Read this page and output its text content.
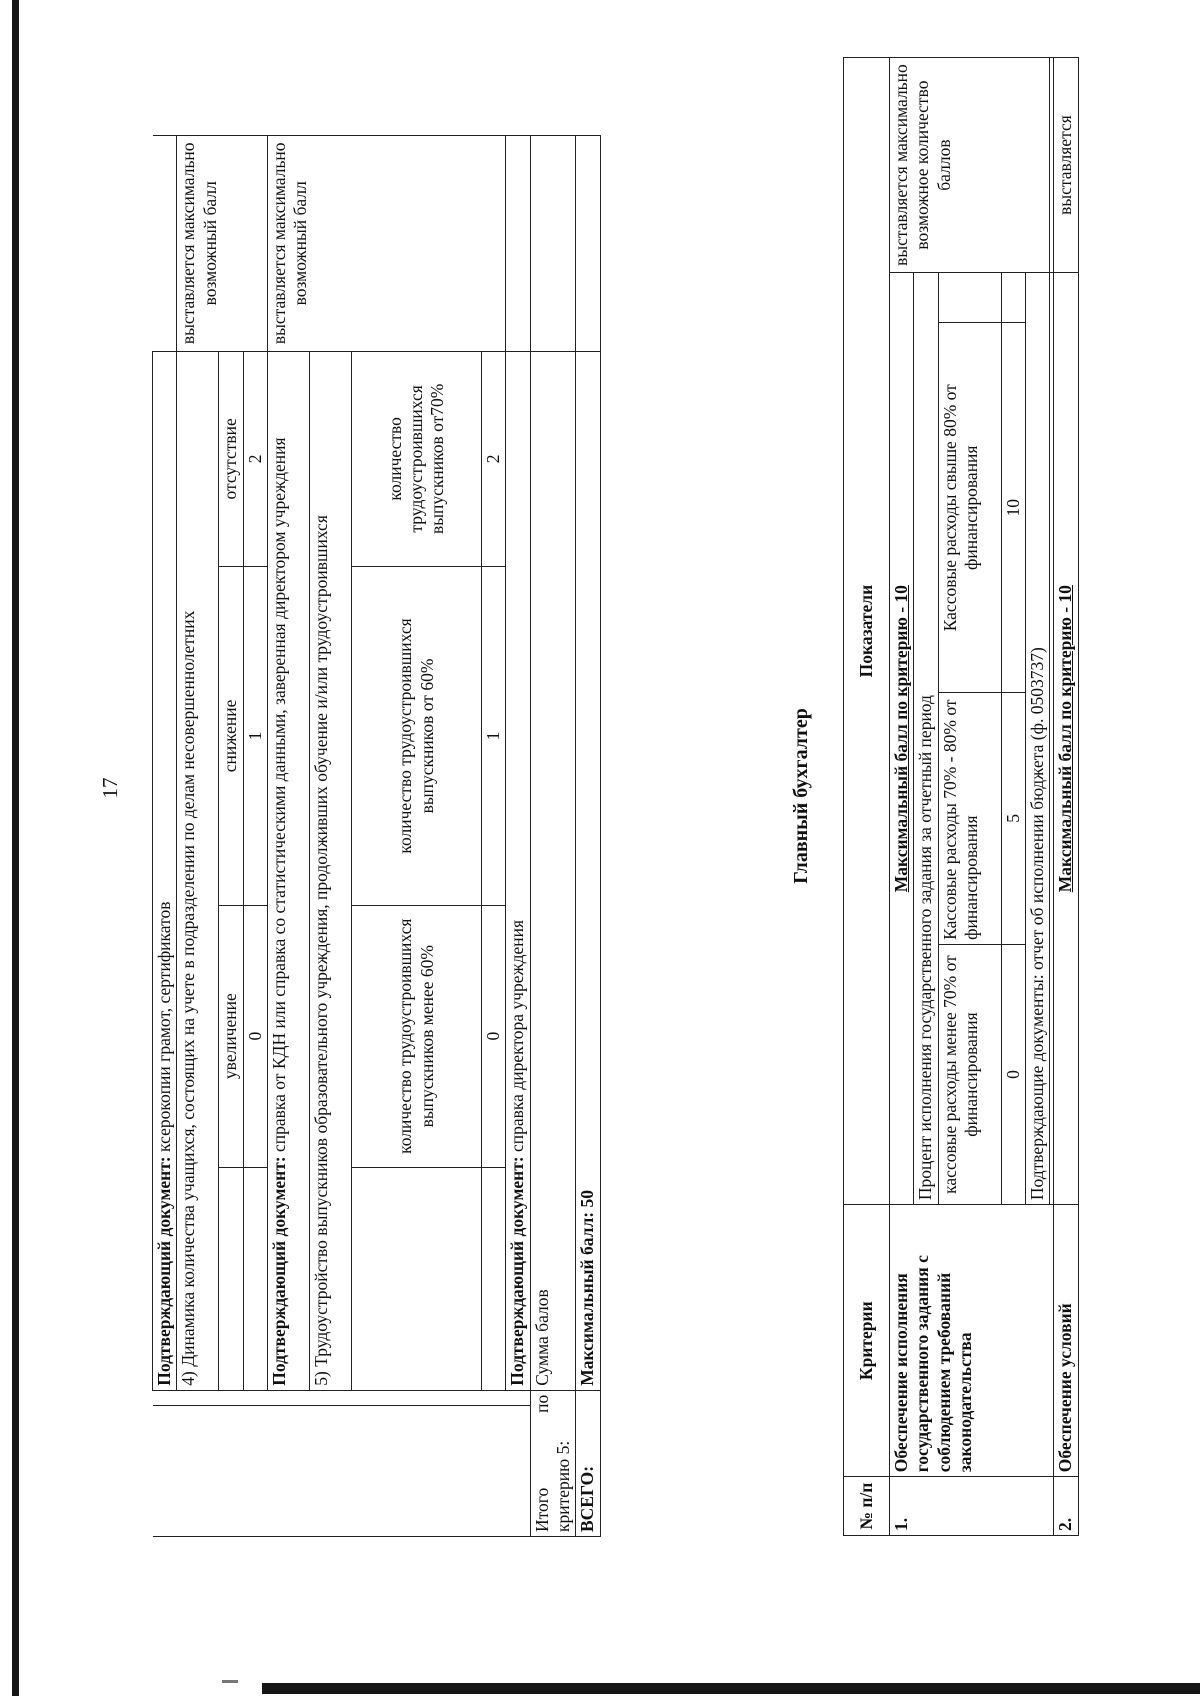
17
		Подтверждающий документ: ксерокопии грамот, сертификатов				
		4) Динамика количества учащихся, состоящих на учете в подразделении по делам несовершеннолетних				выставляется максимально возможный балл
			увеличение	снижение	отсутствие	
			0	1	2	
		Подтверждающий документ: справка от КДН или справка со статистическими данными, заверенная директором учреждения				выставляется максимально возможный балл
		5) Трудоустройство выпускников образовательного учреждения, продолживших обучение и/или трудоустроившихся				
			количество трудоустроившихся выпускников менее 60%	количество трудоустроившихся выпускников от 60%	количество трудоустроившихся выпускников от70%	
			0	1	2	
		Подтверждающий документ: справка директора учреждения				
Итого по критерию 5:		Сумма балов				
ВСЕГО:		Максимальный балл: 50				
Главный бухгалтер
№ п/п	Критерии	Показатели				
1.	Обеспечение исполнения государственного задания с соблюдением требований законодательства	Максимальный балл по критерию - 10				выставляется максимально возможное количество баллов
		Процент исполнения государственного задания за отчетный период				
		кассовые расходы менее 70% от финансирования	Кассовые расходы 70% - 80% от финансирования	Кассовые расходы свыше 80% от финансирования		
		0	5	10		
		Подтверждающие документы: отчет об исполнении бюджета (ф. 0503737)				

2.	Обеспечение условий	Максимальный балл по критерию - 10				выставляется
